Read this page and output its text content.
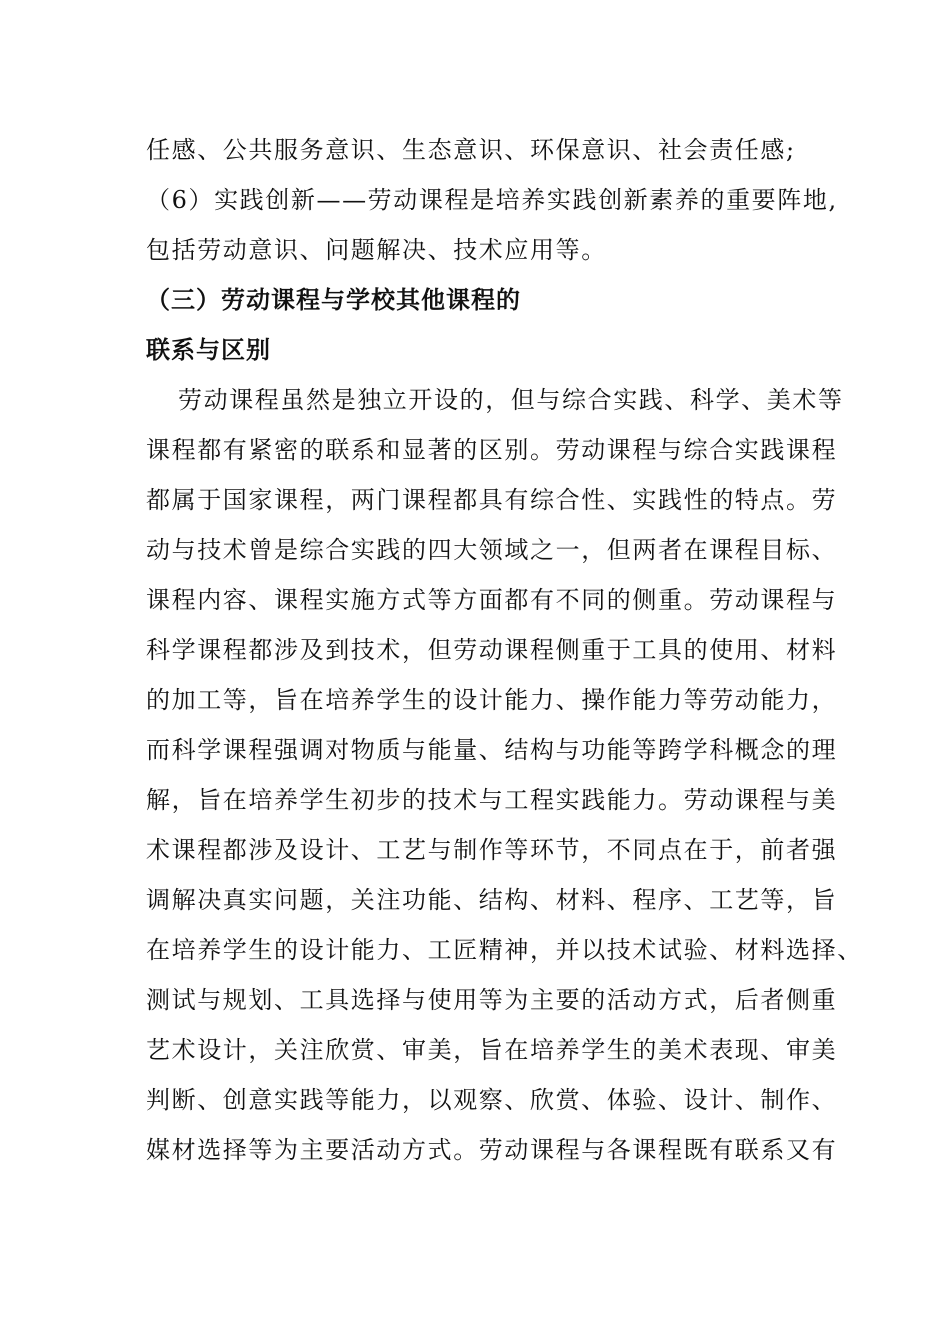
任感、公共服务意识、生态意识、环保意识、社会责任感;
（6）实践创新——劳动课程是培养实践创新素养的重要阵地,
包括劳动意识、问题解决、技术应用等。
（三）劳动课程与学校其他课程的
联系与区别
劳动课程虽然是独立开设的，但与综合实践、科学、美术等
课程都有紧密的联系和显著的区别。劳动课程与综合实践课程
都属于国家课程，两门课程都具有综合性、实践性的特点。劳
动与技术曾是综合实践的四大领域之一，但两者在课程目标、
课程内容、课程实施方式等方面都有不同的侧重。劳动课程与
科学课程都涉及到技术，但劳动课程侧重于工具的使用、材料
的加工等，旨在培养学生的设计能力、操作能力等劳动能力，
而科学课程强调对物质与能量、结构与功能等跨学科概念的理
解，旨在培养学生初步的技术与工程实践能力。劳动课程与美
术课程都涉及设计、工艺与制作等环节，不同点在于，前者强
调解决真实问题，关注功能、结构、材料、程序、工艺等，旨
在培养学生的设计能力、工匠精神，并以技术试验、材料选择、
测试与规划、工具选择与使用等为主要的活动方式，后者侧重
艺术设计，关注欣赏、审美，旨在培养学生的美术表现、审美
判断、创意实践等能力，以观察、欣赏、体验、设计、制作、
媒材选择等为主要活动方式。劳动课程与各课程既有联系又有
